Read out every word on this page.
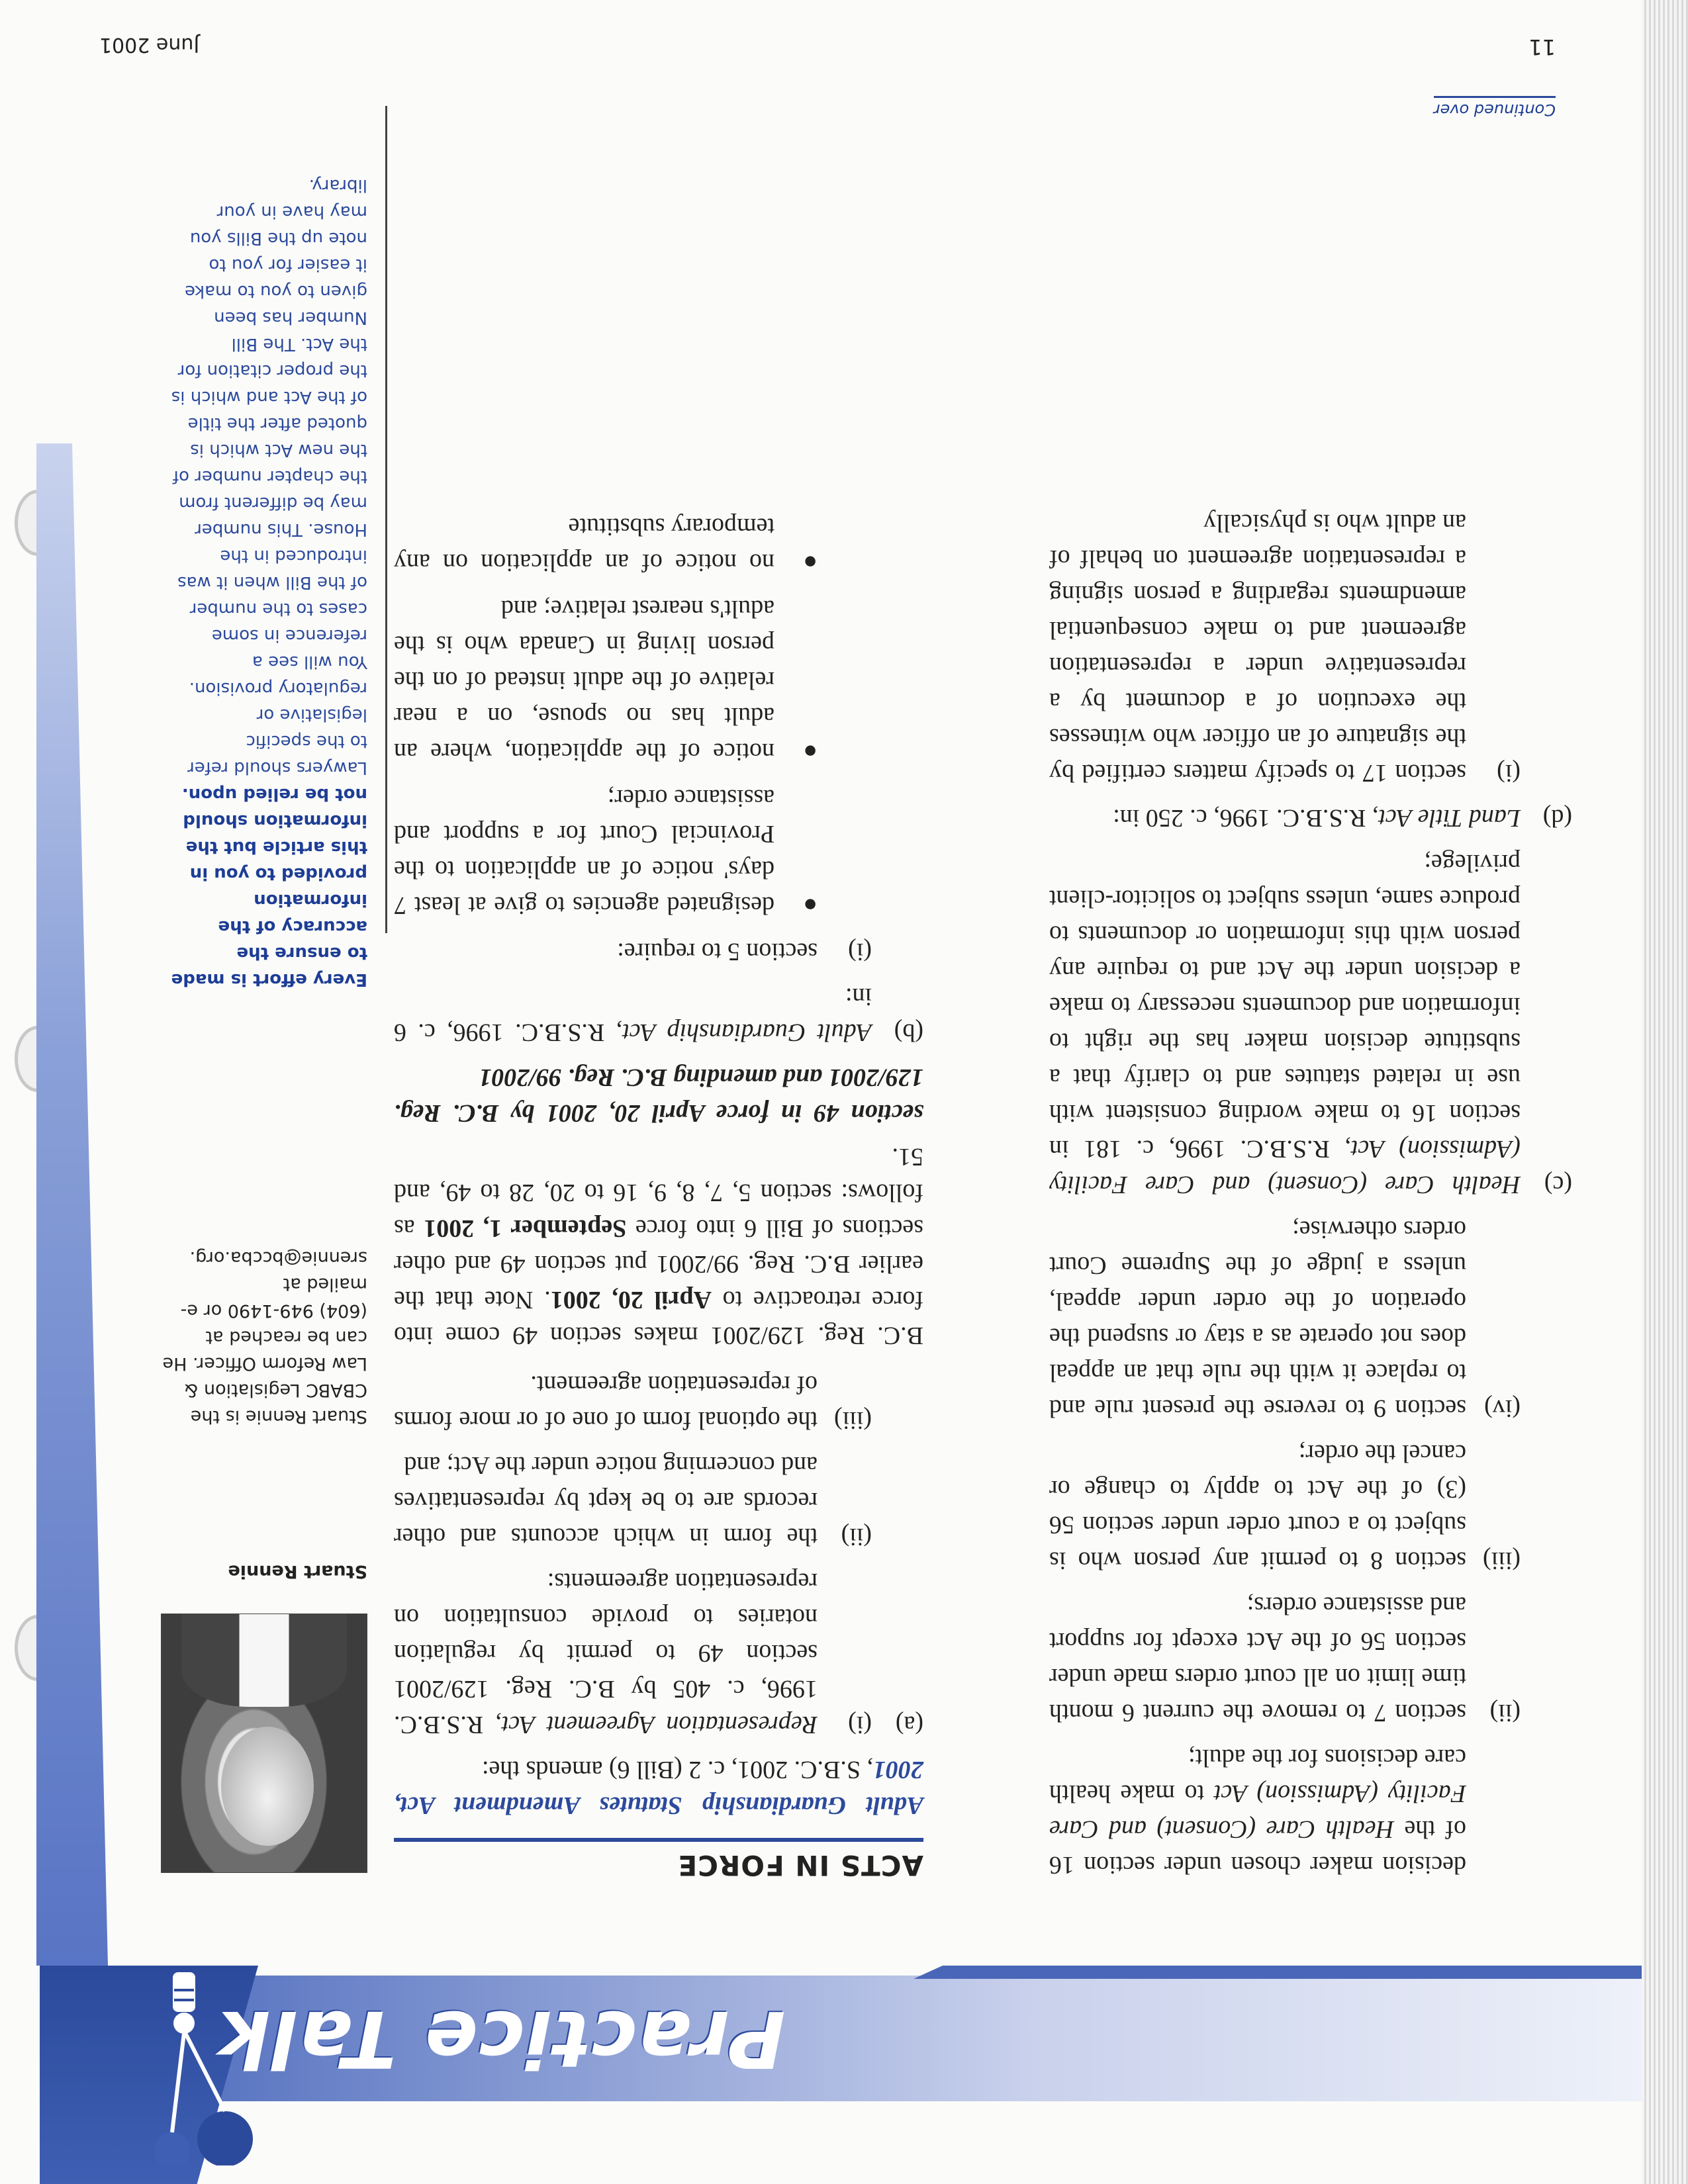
Practice Talk
Stuart Rennie
Stuart Rennie is the CBABC Legislation & Law Reform Officer. He can be reached at (604) 949-1490 or e-mailed at srennie@bccba.org.
Every effort is made to ensure the accuracy of the information provided to you in this article but the information should not be relied upon. Lawyers should refer to the specific legislative or regulatory provision. You will see a reference in some cases to the number of the Bill when it was introduced in the House. This number may be different from the chapter number of the new Act which is quoted after the title of the Act and which is the proper citation for the Act. The Bill Number has been given to you to make it easier for you to note up the Bills you may have in your library.
ACTS IN FORCE

Adult Guardianship Statutes Amendment Act, 2001, S.B.C. 2001, c. 2 (Bill 6) amends the:

(a)
(i)
Representation Agreement Act, R.S.B.C. 1996, c. 405 by B.C. Reg. 129/2001 section 49 to permit by regulation notaries to provide consultation on representation agreements:
(ii)
the form in which accounts and other records are to be kept by representatives and concerning notice under the Act; and
(iii)
the optional form of one of or more forms of representation agreement.

B.C. Reg. 129/2001 makes section 49 come into force retroactive to April 20, 2001. Note that the earlier B.C. Reg. 99/2001 put section 49 and other sections of Bill 6 into force September 1, 2001 as follows: section 5, 7, 8, 9, 16 to 20, 28 to 49, and 51.

section 49 in force April 20, 2001 by B.C. Reg. 129/2001 and amending B.C. Reg. 99/2001

(b)
Adult Guardianship Act, R.S.B.C. 1996, c. 6 in:
(i)
section 5 to require:
●
designated agencies to give at least 7 days' notice of an application to the Provincial Court for a support and assistance order;
●
notice of the application, where an adult has no spouse, on a near relative of the adult instead of on the person living in Canada who is the adult's nearest relative; and
●
no notice of an application on any temporary substitute

decision maker chosen under section 16 of the Health Care (Consent) and Care Facility (Admission) Act to make health care decisions for the adult;

(ii)
section 7 to remove the current 6 month time limit on all court orders made under section 56 of the Act except for support and assistance orders;
(iii)
section 8 to permit any person who is subject to a court order under section 56 (3) of the Act to apply to change or cancel the order;
(iv)
section 9 to reverse the present rule and to replace it with the rule that an appeal does not operate as a stay or suspend the operation of the order under appeal, unless a judge of the Supreme Court orders otherwise;
(c)
Health Care (Consent) and Care Facility (Admission) Act, R.S.B.C. 1996, c. 181 in section 16 to make wording consistent with use in related statutes and to clarify that a substitute decision maker has the right to information and documents necessary to make a decision under the Act and to require any person with this information or documents to produce same, unless subject to solicitor-client privilege;
(d)
Land Title Act, R.S.B.C. 1996, c. 250 in:
(i)
section 17 to specify matters certified by the signature of an officer who witnesses the execution of a document by a representative under a representation agreement and to make consequential amendments regarding a person signing a representation agreement on behalf of an adult who is physically
Continued over
June 2001	11
